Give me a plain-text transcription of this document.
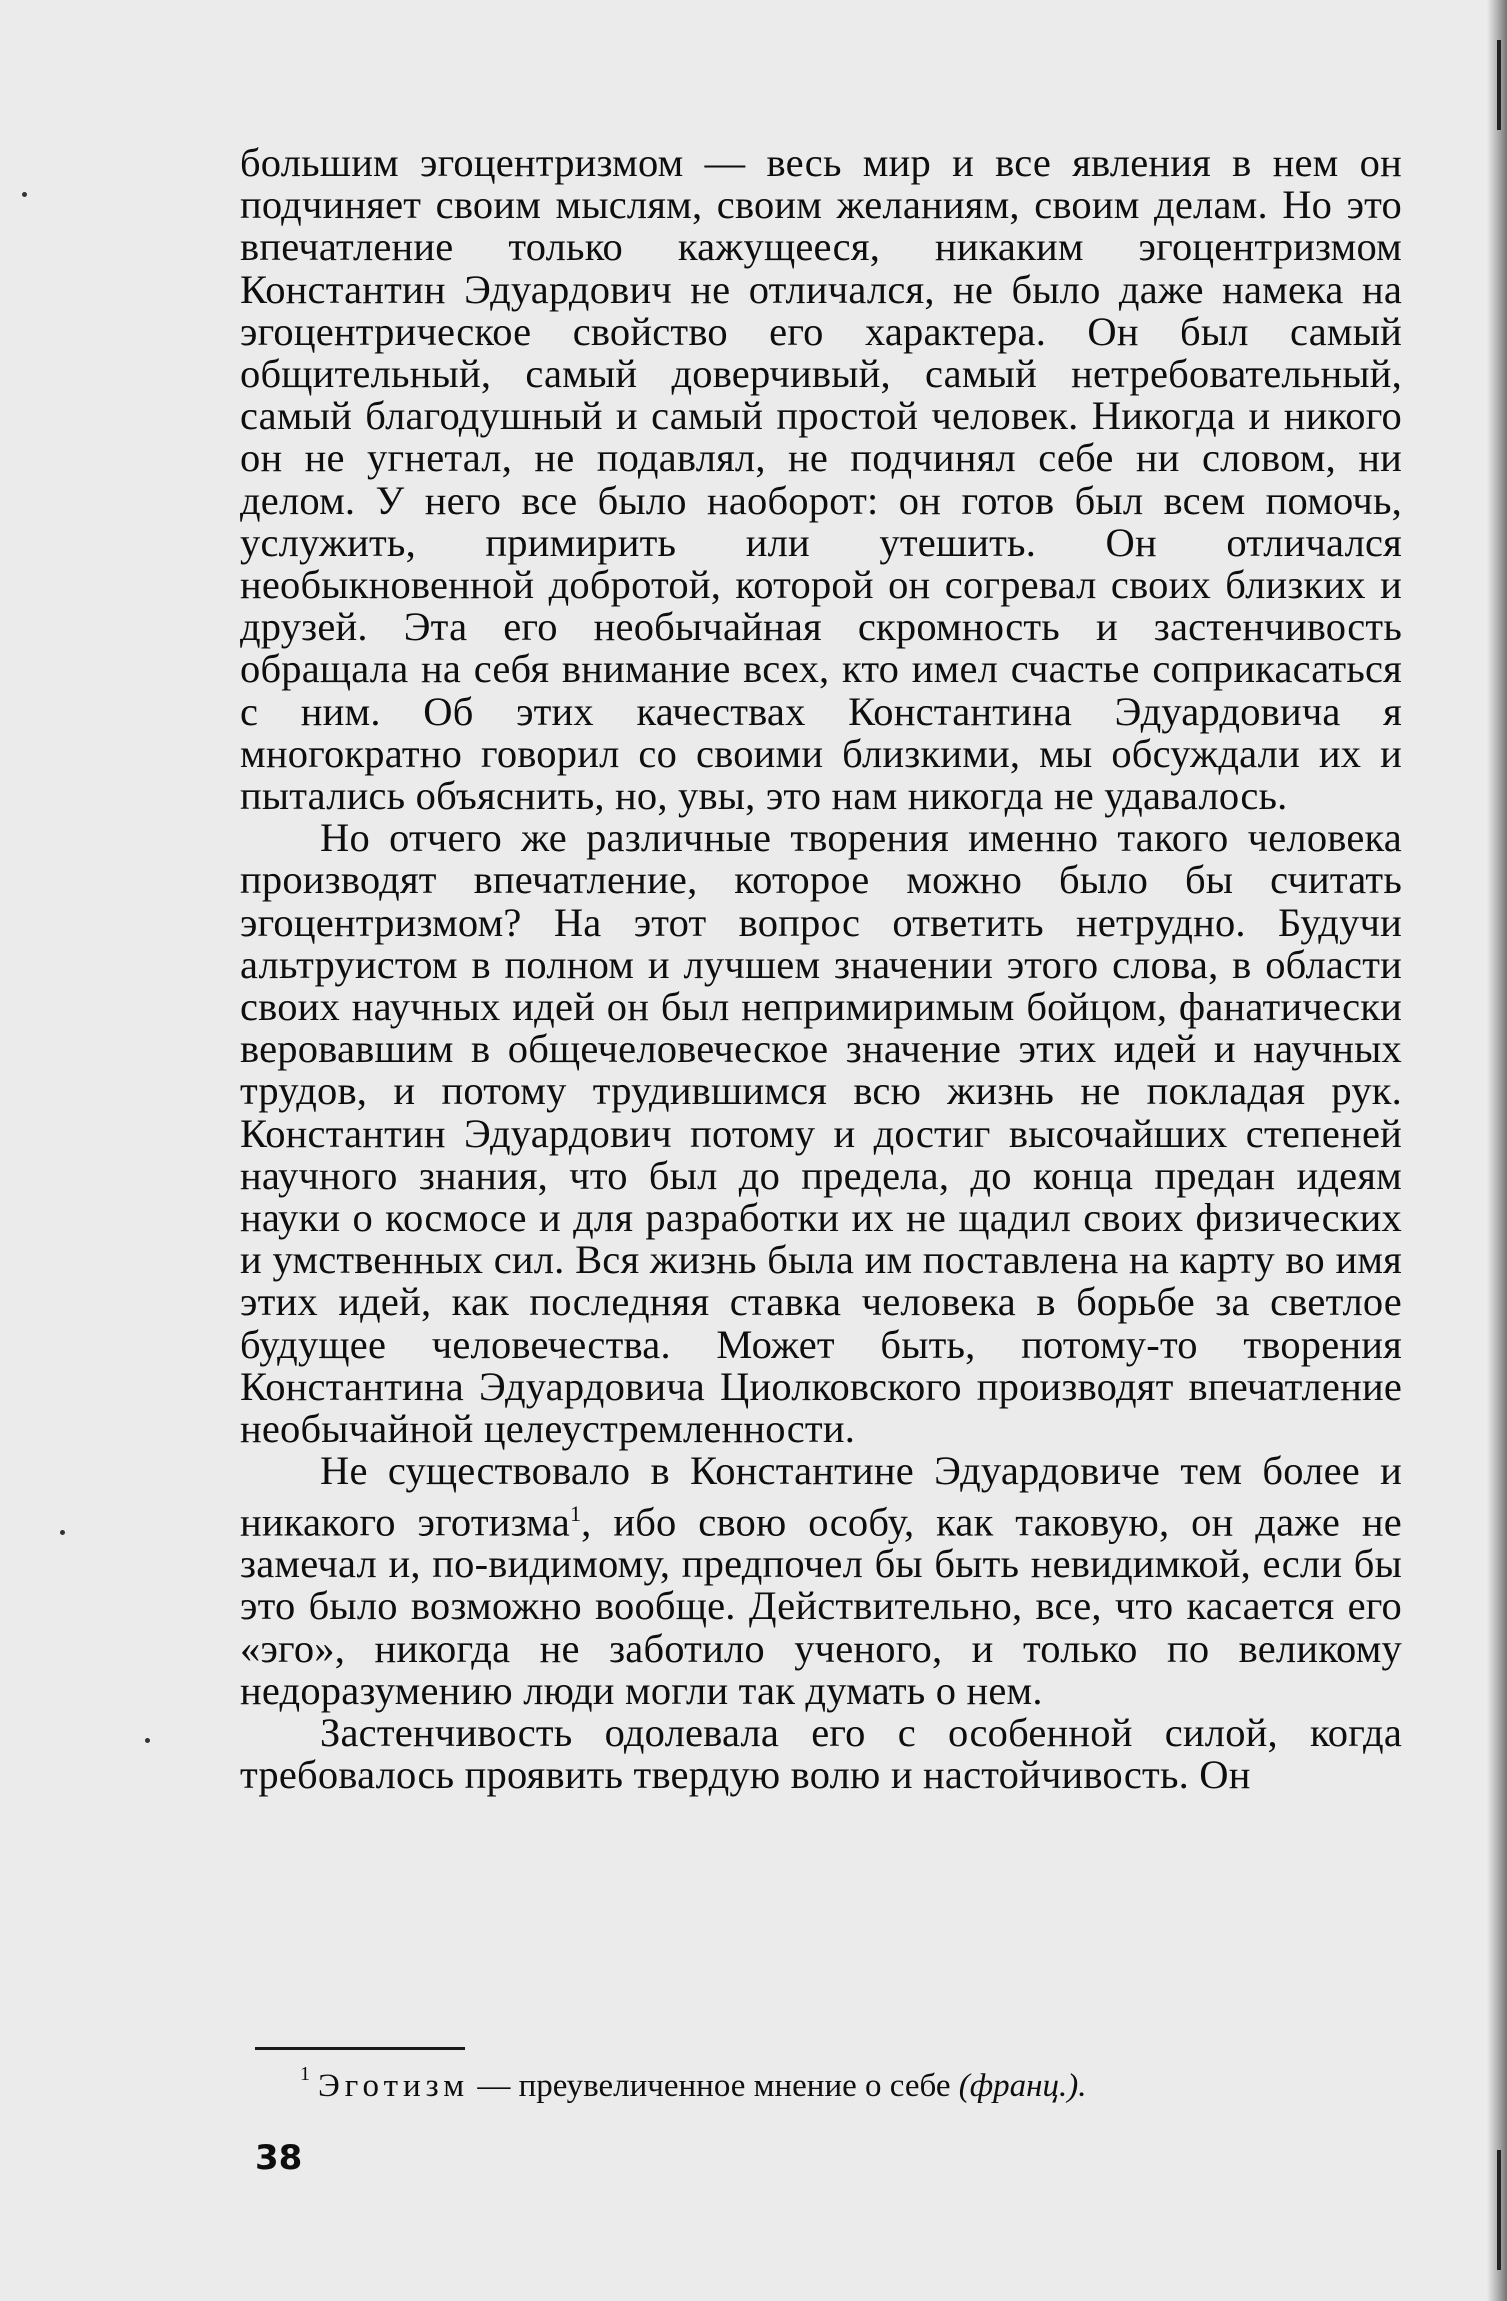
большим эгоцентризмом — весь мир и все явления в нем он подчиняет своим мыслям, своим желаниям, своим делам. Но это впечатление только кажущееся, никаким эгоцентризмом Константин Эдуардович не отличался, не было даже намека на эгоцентрическое свойство его характера. Он был самый общительный, самый доверчивый, самый нетребовательный, самый благодушный и самый простой человек. Никогда и никого он не угнетал, не подавлял, не подчинял себе ни словом, ни делом. У него все было наоборот: он готов был всем помочь, услужить, примирить или утешить. Он отличался необыкновенной добротой, которой он согревал своих близких и друзей. Эта его необычайная скромность и застенчивость обращала на себя внимание всех, кто имел счастье соприкасаться с ним. Об этих качествах Константина Эдуардовича я многократно говорил со своими близкими, мы обсуждали их и пытались объяснить, но, увы, это нам никогда не удавалось.

Но отчего же различные творения именно такого человека производят впечатление, которое можно было бы считать эгоцентризмом? На этот вопрос ответить нетрудно. Будучи альтруистом в полном и лучшем значении этого слова, в области своих научных идей он был непримиримым бойцом, фанатически веровавшим в общечеловеческое значение этих идей и научных трудов, и потому трудившимся всю жизнь не покладая рук. Константин Эдуардович потому и достиг высочайших степеней научного знания, что был до предела, до конца предан идеям науки о космосе и для разработки их не щадил своих физических и умственных сил. Вся жизнь была им поставлена на карту во имя этих идей, как последняя ставка человека в борьбе за светлое будущее человечества. Может быть, потому-то творения Константина Эдуардовича Циолковского производят впечатление необычайной целеустремленности.

Не существовало в Константине Эдуардовиче тем более и никакого эготизма$^1$, ибо свою особу, как таковую, он даже не замечал и, по-видимому, предпочел бы быть невидимкой, если бы это было возможно вообще. Действительно, все, что касается его «эго», никогда не заботило ученого, и только по великому недоразумению люди могли так думать о нем.

Застенчивость одолевала его с особенной силой, когда требовалось проявить твердую волю и настойчивость. Он

$^1$ Эготизм — преувеличенное мнение о себе (франц.).
38
